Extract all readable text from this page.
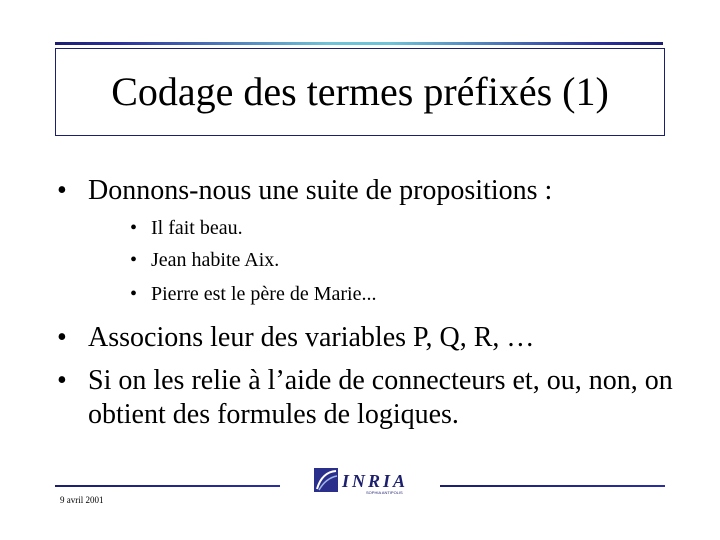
Codage des termes préfixés (1)
• Donnons-nous une suite de propositions :
• Il fait beau.
• Jean habite Aix.
• Pierre est le père de Marie...
• Associons leur des variables P, Q, R, …
• Si on les relie à l’aide de connecteurs et, ou, non, on obtient des formules de logiques.
INRIA
SOPHIA ANTIPOLIS
9 avril 2001
